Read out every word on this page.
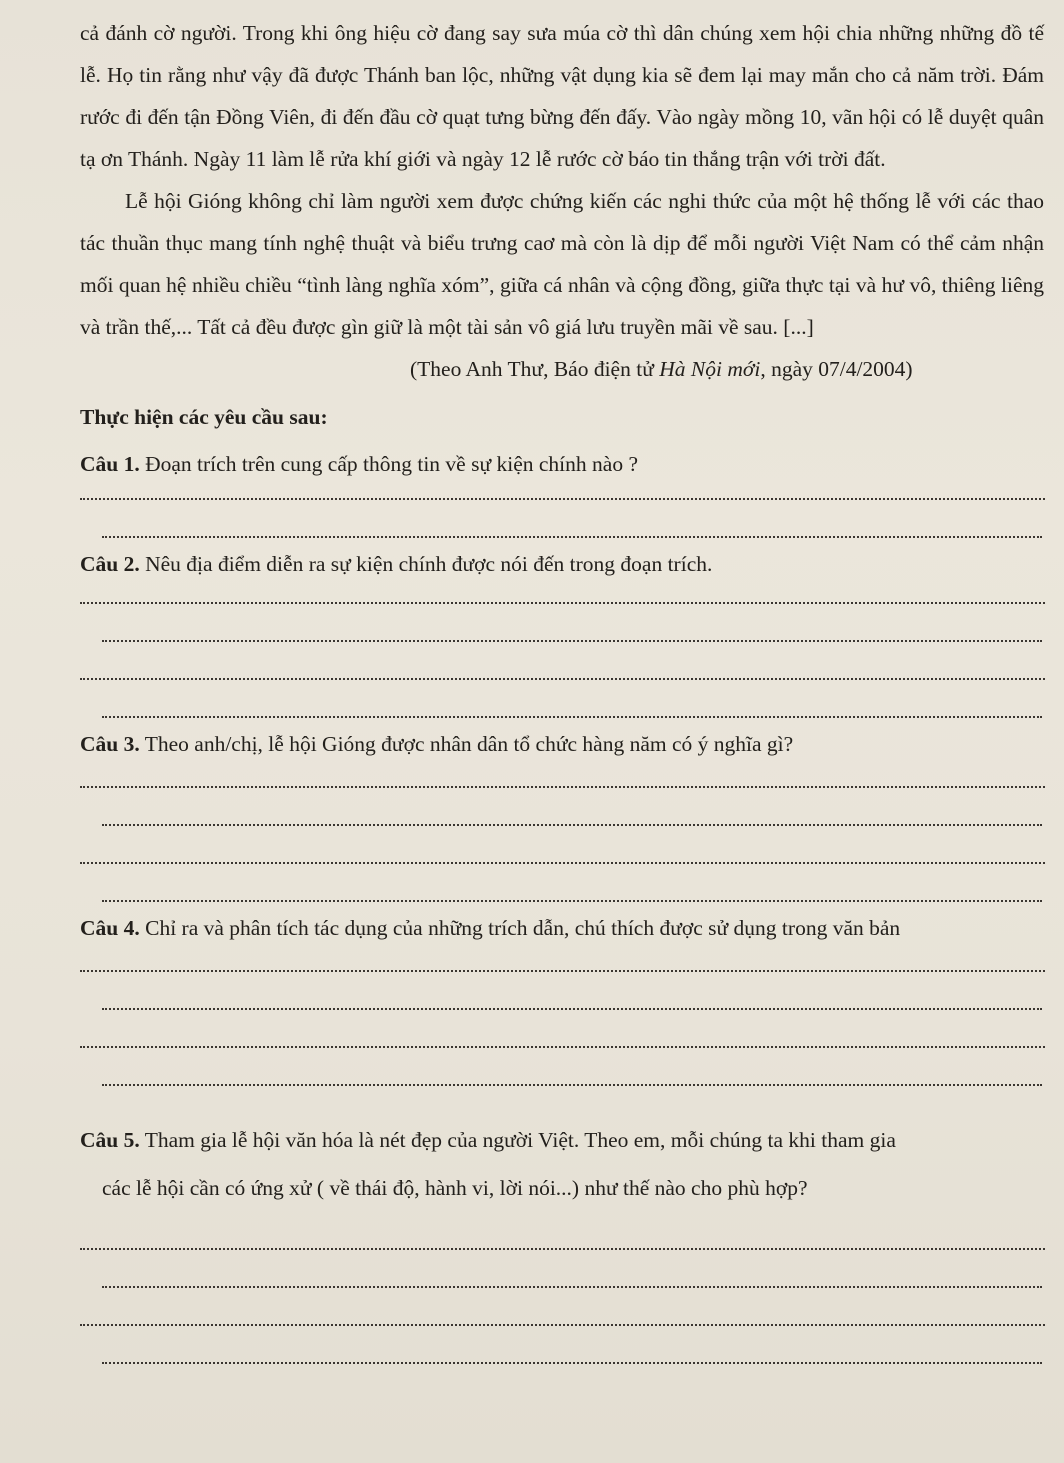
cả đánh cờ người. Trong khi ông hiệu cờ đang say sưa múa cờ thì dân chúng xem hội chia những những đồ tế lễ. Họ tin rằng như vậy đã được Thánh ban lộc, những vật dụng kia sẽ đem lại may mắn cho cả năm trời. Đám rước đi đến tận Đồng Viên, đi đến đầu cờ quạt tưng bừng đến đấy. Vào ngày mồng 10, vãn hội có lễ duyệt quân tạ ơn Thánh. Ngày 11 làm lễ rửa khí giới và ngày 12 lễ rước cờ báo tin thắng trận với trời đất.

Lễ hội Gióng không chỉ làm người xem được chứng kiến các nghi thức của một hệ thống lễ với các thao tác thuần thục mang tính nghệ thuật và biểu trưng caơ mà còn là dịp để mỗi người Việt Nam có thể cảm nhận mối quan hệ nhiều chiều “tình làng nghĩa xóm”, giữa cá nhân và cộng đồng, giữa thực tại và hư vô, thiêng liêng và trần thế,... Tất cả đều được gìn giữ là một tài sản vô giá lưu truyền mãi về sau. [...]

(Theo Anh Thư, Báo điện tử Hà Nội mới, ngày 07/4/2004)

Thực hiện các yêu cầu sau:

Câu 1. Đoạn trích trên cung cấp thông tin về sự kiện chính nào ?

Câu 2. Nêu địa điểm diễn ra sự kiện chính được nói đến trong đoạn trích.

Câu 3. Theo anh/chị, lễ hội Gióng được nhân dân tổ chức hàng năm có ý nghĩa gì?

Câu 4. Chỉ ra và phân tích tác dụng của những trích dẫn, chú thích được sử dụng trong văn bản

Câu 5. Tham gia lễ hội văn hóa là nét đẹp của người Việt. Theo em, mỗi chúng ta khi tham gia
các lễ hội cần có ứng xử ( về thái độ, hành vi, lời nói...) như thế nào cho phù hợp?
